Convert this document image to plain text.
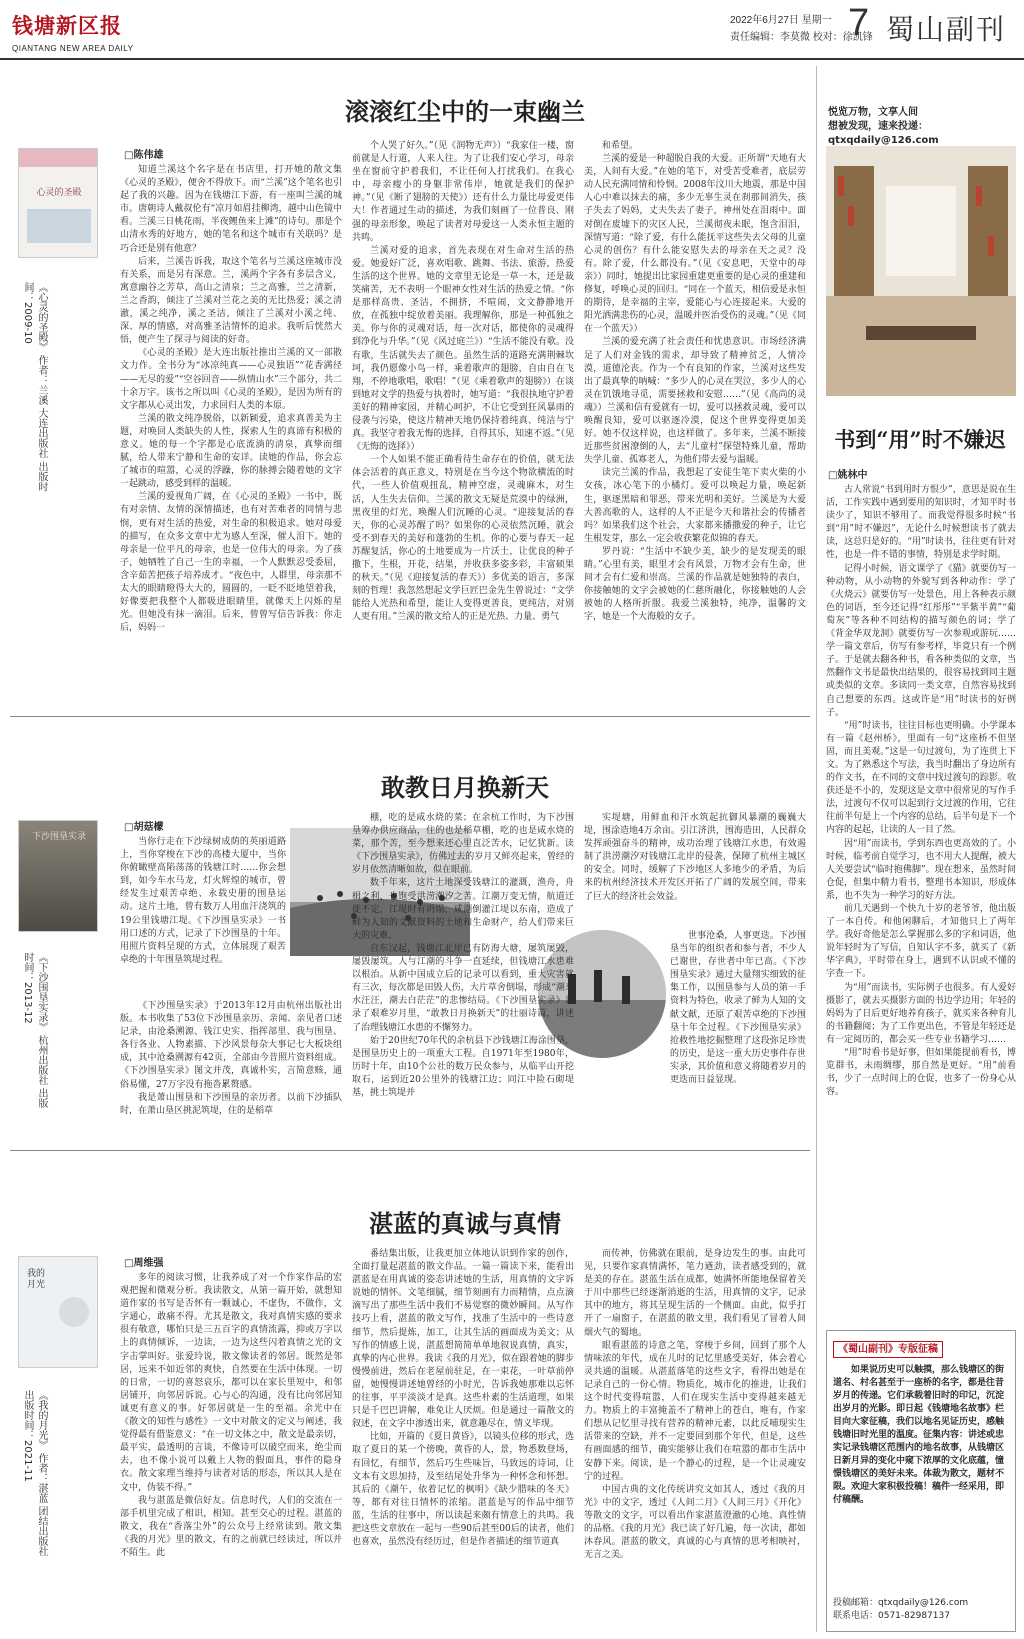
钱塘新区报
QIANTANG NEW AREA DAILY
2022年6月27日 星期一
责任编辑：李莫微 校对：徐凯锋
7 蜀山副刊
滚滚红尘中的一束幽兰
□陈伟雄
心灵的圣殿
《心灵的圣殿》 作者：兰溪 大连出版社 出版时间：2009-10

知道兰溪这个名字是在书店里，打开她的散文集《心灵的圣殿》，便舍不得放下。而“兰溪”这个笔名也引起了我的兴趣。因为在钱塘江下游，有一座叫兰溪的城市。唐朝诗人戴叔伦有“凉月如眉挂柳湾，越中山色镜中看。兰溪三日桃花雨，半夜鲤鱼来上滩”的诗句。那是个山清水秀的好地方，她的笔名和这个城市有关联吗？是巧合还是别有他意？

后来，兰溪告诉我，取这个笔名与兰溪这座城市没有关系，而是另有深意。兰，溪两个字各有多层含义，寓意幽谷之芳草，高山之清泉；兰之高雅，兰之清新，兰之香韵，倾注了兰溪对兰花之美的无比热爱；溪之清澈，溪之纯净，溪之圣洁，倾注了兰溪对小溪之纯、深、厚的情感，对高雅圣洁情怀的追求。我听后恍然大悟，便产生了探寻与阅读的好奇。

《心灵的圣殿》是大连出版社推出兰溪的又一部散文力作。全书分为“冰凉纯真——心灵独语”“花香满径——无尽的爱”“空谷回音——纵情山水”三个部分，共二十余万字。该书之所以叫《心灵的圣殿》，是因为所有的文字都从心灵出发，力求回归人类的本原。

兰溪的散文纯净脱俗，以新颖爱，追求真善美为主题，对唤回人类缺失的人性，探索人生的真谛有积极的意义。她的每一个字都是心底流淌的清泉，真挚而细腻，给人带来宁静和生命的安详。读她的作品，你会忘了城市的喧嚣，心灵的浮躁，你的脉搏会随着她的文字一起跳动，感受到样的温暖。

兰溪的爱视角广阔，在《心灵的圣殿》一书中，既有对亲情、友情的深情描述，也有对苦难者的同情与悲悯，更有对生活的热爱，对生命的积极追求。她对母爱的描写，在众多文章中尤为感人至深，催人泪下。她的母亲是一位平凡的母亲，也是一位伟大的母亲。为了孩子，她牺牲了自己一生的幸福，一个人默默忍受委屈，含辛茹苦把孩子培养成才。“夜色中，人群里，母亲那不太大的眼睛瞪得大大的，圆圆的，一眨不眨地望着我，好像要把我整个人都吸进眼睛里，就像天上闪烁的星光。但她没有抹一滴泪。后来，曾曾写信告诉我：你走后，妈妈一

个人哭了好久。”（见《润物无声》）“我家住一楼，窗前就是人行道，人来人往。为了让我们安心学习，母亲坐在窗前守护着我们，不让任何人打扰我们。在我心中，母亲瘦小的身躯非常伟岸，她就是我们的保护神。”（见《断了翅膀的天使》）还有什么力量比母爱更伟大！作者通过生动的描述，为我们刻画了一位普良、刚强的母亲形象，唤起了读者对母爱这一人类永恒主题的共鸣。

兰溪对爱的追求，首先表现在对生命对生活的热爱。她爱好广泛，喜欢唱歌、跳舞、书法、旅游，热爱生活的这个世界。她的文章里无论是一草一木，还是裁笑痛苦，无不表明一个眼神女性对生活的热爱之情。“你是那样高贵、圣洁，不拥挤，不喧闹，文文静静地开放，在孤独中绽放着美丽。我理解你，那是一种孤独之美。你与你的灵魂对话，每一次对话，都使你的灵魂得到净化与升华。”（见《风过庭兰》）“生活不能没有歌。没有歌，生活就失去了颜色。虽然生活的道路充满荆棘坎坷，我仍愿像小鸟一样，乘着歌声的翅膀，自由自在飞翔，不停地歌唱，歌唱！”（见《乘着歌声的翅膀》）在谈到她对文学的热爱与执着时，她写道：“我很执地守护着美好的精神家园，并精心呵护，不让它受到狂风暴雨的侵袭与污染，使这片精神天地仍保持着纯真、纯洁与宁真。我坚守着我无悔的选择，自得其乐，知速不返。”（见《无悔的选择》）

一个人如果不能正确看待生命存在的价值，就无法体会活着的真正意义，特别是在当今这个物欲横流的时代，一些人价值观扭乱，精神空虚，灵魂麻木，对生活，人生失去信仰。兰溪的散文无疑是荒漠中的绿洲，黑夜里的灯光，唤醒人们沉睡的心灵。“迎接复活的春天，你的心灵苏醒了吗？如果你的心灵依然沉睡，就会受不到春天的美好和蓬勃的生机。你的心要与春天一起苏醒复活，你心的土地要成为一片沃土，让优良的种子撒下，生根，开花，结果，并收获多姿多彩，丰富硕果的秋天。”（见《迎接复活的春天》）多优美的语言，多深刻的哲理！我忽然想起文学巨匠巴金先生曾说过：“文学能给人光热和希望，能让人变得更善良，更纯洁，对别人更有用。”兰溪的散文给人的正是光热、力量、勇气

和希望。

兰溪的爱是一种超脱自我的大爱。正所谓“天地有大美，人间有大爱。”在她的笔下，对受苦受难者，底层劳动人民充满同情和怜悯。2008年汶川大地震，那是中国人心中难以抹去的痛，多少无辜生灵在刹那间消失，孩子失去了妈妈，丈夫失去了妻子，神州处在泪雨中。面对倒在废墟下的灾区人民，兰溪彻夜未眠，饱含泪泪，深情写道：“除了爱，有什么能抚平这些失去父母的儿童心灵的创伤？有什么能安慰失去的母亲在天之灵？没有。除了爱，什么都没有。”（见《安息吧，天堂中的母亲》）同时，她提出比家园重建更重要的是心灵的重建和修复，呼唤心灵的回归。“同在一个蓝天，相信爱是永恒的期待，是幸福的主宰，爱能心与心连接起来。大爱的阳光洒满悲伤的心灵，温暖并医治受伤的灵魂。”（见《同在一个蓝天》）

兰溪的爱充满了社会责任和忧患意识。市场经济满足了人们对金钱的需求，却导致了精神贫乏，人情冷漠，道德沦丧。作为一个有良知的作家，兰溪对这些发出了最真挚的呐喊：“多少人的心灵在哭泣，多少人的心灵在饥饿地寻觅，需要拯救和安慰……”（见《高尚的灵魂》）兰溪和信有爱就有一切，爱可以拯救灵魂，爱可以唤醒良知，爱可以驱逐冷漠，促这个世界变得更加美好。她不仅这样说，也这样做了。多年来，兰溪不断接近那些贫困潦倒的人，去“儿童村”探望特殊儿童，帮助失学儿童、孤寡老人，为他们带去爱与温暖。

读完兰溪的作品，我想起了安徒生笔下卖火柴的小女孩，冰心笔下的小橘灯。爱可以唤起力量，唤起新生，驱逐黑暗和罪恶，带来光明和美好。兰溪是为大爱大善高歌的人，这样的人不正是今天和谐社会的传播者吗？如果我们这个社会，大家都来播撒爱的种子，让它生根发芽，那么一定会收获繁花似锦的春天。

罗丹说：“生活中不缺少美，缺少的是发现美的眼睛。”心里有美，眼里才会有风景，万物才会有生命，世间才会有仁爱和崇高。兰溪的作品就是她独特的表白，你接触她的文字会被她的仁慈所融化，你接触她的人会被她的人格所折服。我爱兰溪独特，纯净，温馨的文字，她是一个大海般的女子。

敢教日月换新天
□胡菇檬
下沙围垦实录
《下沙围垦实录》 杭州出版社 出版时间：2013-12

当你行走在下沙绿树成荫的英丽道路上，当你穿梭在下沙的高楼大厦中，当你你俯瞰壁高陷荡荡的钱塘江时……你会想到，如今车水马龙，灯火辉煌的城市，曾经发生过艰苦卓绝、永载史册的围垦运动。这片土地，曾有数万人用血汗浇筑的19公里钱塘江堤。《下沙围垦实录》一书用口述的方式，记录了下沙围垦的十年。用照片资料呈现的方式，立体展现了艰苦卓绝的十年围垦筑堤过程。

《下沙围垦实录》于2013年12月由杭州出版社出版。本书收集了53位下沙围垦亲历、亲闻、亲见者口述记录，由沧桑溯源、钱江史实、指挥部里、我与围垦、各行各业、人物素描、下沙风景每杂大事记七大板块组成，其中沧桑溯源有42页，全部由今昔照片资料组成。《下沙围垦实录》图文并茂，真诚朴实，言简意赅，通俗易懂，27万字没有拖沓累赘感。

我是萧山围垦和下沙围垦的亲历者。以前下沙插队时，在萧山垦区挑泥筑堤，住的是稻草

棚，吃的是咸水烧的菜；在余杭工作时，为下沙围垦筹办供应商品，住的也是稻草棚，吃的也是咸水烧的菜，那个苦，至今想来还心里直泛苦水，记忆犹新。读《下沙围垦实录》，仿佛过去的岁月又鲜亮起来，曾经的岁月依然清晰如故，似在眼前。

数千年来，这片土地深受钱塘江的灌溉，渔舟，舟楫之利，也饱受洪涝潮汐之苦。江潮万变无情，航道迁徙不定，江堤时有坍塌，咸潮倒灌江堤以东南，造成了鲜为人知的文献资料的土地和生命财产，给人们带来巨大的灾难。

自东汉起，钱塘江北岸已有防海大塘，屡筑屡毁，屡毁屡筑。人与江潮的斗争一直延续，但钱塘江水患难以根治。从新中国成立后的记录可以看到，重大灾害就有三次，每次都是田毁人伤，大片草舍倒塌，形成“潮来水汪汪，潮去白茫茫”的悲惨结局。《下沙围垦实录》记录了艰难岁月里，“敢教日月换新天”的壮丽诗篇，讲述了治理钱塘江水患的不懈努力。

始于20世纪70年代的余杭县下沙钱塘江海涂围垦，是围垦历史上的一项重大工程。自1971年至1980年，历时十年，由10个公社的数万民众参与，从临平山开挖取石，运到近20公里外的钱塘江边；同江中险石砌堤基，挑土筑堤并

实堤塘，用鲜血和汗水筑起抗御风暴潮的巍巍大堤，围涂造地4万余亩。引江济洪，围海造田，人民群众发挥顽强奋斗的精神，成功治理了钱塘江水患，有效遏制了洪涝潮汐对钱塘江北岸的侵袭，保障了杭州主城区的安全。同时，缓解了下沙地区人多地少的矛盾，为后来的杭州经济技术开发区开拓了广阔的发展空间，带来了巨大的经济社会效益。

世事沧桑，人事更迭。下沙围垦当年的组织者和参与者，不少人已谢世，存世者中年已高。《下沙围垦实录》通过大量翔实细致的征集工作，以围垦参与人员的第一手资料为特色，收录了鲜为人知的文献文献，还原了艰苦卓绝的下沙围垦十年全过程。《下沙围垦实录》抢救性地挖掘整理了这段弥足珍贵的历史，是这一重大历史事件存世实录，其价值和意义将随着岁月的更迭而日益显现。

湛蓝的真诚与真情
□周维强
我的月光
《我的月光》 作者：湛蓝 团结出版社 出版时间：2021-11

多年的阅读习惯，让我养成了对一个作家作品的宏观把握和微观分析。我读散文，从第一篇开始，就想知道作家的书写是否怀有一颗诚心，不虚伪，不做作，文字通心，敢痛不得。尤其是散文，我对真情实感的要求很有敬意，哪怕只是三五百字的真情流露，抑或万字以上的真情倾诉，一边读，一边为这些闪着真情之光的文字击掌叫好。张爱玲说，散文像读者的邻居。既然是邻居，远来不如近邻的爽快，自然要在生活中体现。一切的日常，一切的喜怒哀乐，都可以在家长里短中，和邻居铺开，向邻居诉说。心与心的沟通，没有比向邻居知诚更有意义的事。好邻居就是一生的至福。余光中在《散文的知性与感性》一文中对散文的定义与阐述，我觉得最有借鉴意义：“在一切文体之中，散文是最亲切，最平实，最透明的言谈，不像诗可以破空而来，绝尘而去，也不像小说可以戴上人物的假面具，事件的隐身衣。散文家理当维持与读者对话的形态，所以其人是在文中，伪装不得。”

我与湛蓝是微信好友。信息时代，人们的交流在一部手机里完成了相识，相知。甚至交心的过程。湛蓝的散文，我在“香落尘外”的公众号上经常读到。散文集《我的月光》里的散文，有的之前就已经读过，所以并不陌生。此

番结集出版，让我更加立体地认识到作家的创作，全面打量起湛蓝的散文作品。一篇一篇读下来，能看出湛蓝是在用真诚的姿态讲述她的生活，用真情的文字诉说她的情怀。文笔细腻，细节刻画有力而精情，点点滴滴写出了那些生活中我们不易觉察的微妙瞬间。从写作技巧上看，湛蓝的散文写作，找准了生活中的一些诗意细节，然后提炼，加工，让其生活的画面成为美文；从写作的情感上说，湛蓝想简简单单地叙说真情，真实，真挚的内心世界。我读《我的月光》，似在跟着她的脚步慢慢前进，然后在老屋前驻足，在一束花，一叶草前停留，她慢慢讲述她曾经的小时光，告诉我她那难以忘怀的往事，平平淡淡才是真。这些朴素的生活道理，如果只是千巴巴讲解，难免让人厌烦。但是通过一篇散文的叙述，在文字中渗透出来，就意趣尽在，情义毕现。

比如，开篇的《夏日黄昏》，以镜头位移的形式，选取了夏日的某一个傍晚，黄昏的人，景，物悉数登场，有回忆，有细节，然后巧生些味旨，马致远的诗词，让文本有文思加持，及至结尾处升华为一种怀念和怀想。其后的《潮午，依着记忆的枫明》《缺少腊味的冬天》等，都有对往日情怀的浓缩。湛蓝是写的作品中细节蓝，生活的往事中，所以读起来颇有情意上的共鸣。我把这些文章放在一起与一些90后甚至00后的读者，他们也喜欢，虽然没有经历过，但是作者描述的细节道真

而传神，仿佛就在眼前，是身边发生的事。由此可见，只要作家真情满怀，笔力遒劲，读者感受到的，就是美的存在。湛蓝生活在成都，她满怀所能地保留着关于川中那些已经逐渐消逝的生活，用真情的文字，记录其中的地方，将其呈现生活的一个侧面。由此，似乎打开了一扇窗子，在湛蓝的散文里，我们看见了冒着人间烟火气的蜀地。

眼看湛蓝的诗意之笔，穿梭于乡间，回到了那个人情味浓的年代，成在儿时的记忆里感受美好，体会着心灵共通的温暖。从湛蓝落笔的这些文字，看得出她是在记录自己的一份心情。物质化，城市化的推进，让我们这个时代变得喧嚣，人们在现实生活中变得越来越无力。物质上的丰富掩盖不了精神上的苍白，唯有，作家们想从记忆里寻找有营养的精神元素，以此反哺现实生活带来的空缺，并不一定要回到那个年代，但是，这些有画面感的细节，确实能够让我们在喧嚣的都市生活中安静下来。阅读，是一个静心的过程，是一个让灵魂安宁的过程。

中国古典的文化传统讲究文如其人，透过《我的月光》中的文字，透过《人间二月》《人间三月》《开化》等散文的文字，可以看出作家湛蓝澄澈的心地、真性情的品格。《我的月光》我已读了好几遍，每一次读，都如沐春风。湛蓝的散文，真诚的心与真情的思考相映衬，无言之美。

悦览万物，文享人间
想被发现，速来投递：qtxqdaily@126.com
书到“用”时不嫌迟
□姚林中

古人常说“书到用时方恨少”，意思是说在生活，工作实践中遇到要用的知识时，才知平时书读少了，知识不够用了。而我觉得很多时候“书到“用”时不嫌迟”，无论什么时候想读书了就去读，这总归是好的。“用”时读书，往往更有针对性，也是一件不错的事情，特别是求学时期。

记得小时候，语文课学了《猫》就要仿写一种动物，从小动物的外貌写到各种动作：学了《火烧云》就要仿写一处景色，用上各种表示颜色的词语，至今还记得“红彤彤”“半紫半黄”“葡萄灰”等各种不同结构的描写颜色的词；学了《背金华双龙洞》就要仿写一次参观或游玩……学一篇文章后，仿写有参考样，毕竟只有一个例子。于是就去翻各种书，看各种类似的文章，当然翻作文书是最快出结果的，很容易找到同主题或类似的文章。多读同一类文章，自然容易找到自己想要的东西。这或许是“用”时读书的好例子。

“用”时读书，往往目标也更明确。小学课本有一篇《赵州桥》，里面有一句“这座桥不但坚固，而且美观。”这是一句过渡句，为了连贯上下文。为了熟悉这个写法，我当时翻出了身边所有的作文书，在不同的文章中找过渡句的踪影。收获还是不小的，发现这是文章中很常见的写作手法，过渡句不仅可以起到行文过渡的作用，它往往前半句是上一个内容的总结，后半句是下一个内容的起起，让读的人一目了然。

因“用”而读书，学到东西也更高效的了。小时候，临考前自觉学习，也不用大人提醒，被大人关要尝试“临时抱佛脚”。现在想来，虽然时间仓促，但集中精力看书，整理书本知识，形成体系，也不失为一种学习的好方法。

前几天遇到一个快九十岁的老爷爷，他出版了一本自传。和他闲聊后，才知他只上了两年学。我好奇他是怎么掌握那么多的字和词语，他说年轻时为了写信，自知认字不多，就买了《新华字典》，平时带在身上，遇到不认识或不懂的字查一下。

为“用”而读书，实际例子也很多。有人爱好摄影了，就去买摄影方面的书边学边用；年轻的妈妈为了日后更好地养育孩子，就买来各种育儿的书籍翻阅；为了工作更出色，不管是年轻还是有一定阅历的，都会买一些专业书籍学习……

“用”时看书是好事，但如果能提前看书，博览群书，未雨绸缪，那自然是更好。“用”前看书，少了一点时间上的仓促，也多了一份身心从容。

《蜀山副刊》专版征稿
如果说历史可以触摸，那么钱塘区的街道名、村名甚至于一座桥的名字，都是往昔岁月的传递。它们承载着旧时的印记，沉淀出岁月的光影。即日起《钱塘地名故事》栏目向大家征稿，我们以地名见证历史，感触钱塘旧时光里的温度。征集内容：讲述或忠实记录钱塘区范围内的地名故事，从钱塘区日新月异的变化中窥下浓厚的文化底蕴，憧憬钱塘区的美好未来。体裁为散文，题材不限。欢迎大家积极投稿！稿件一经采用，即付稿酬。
投稿邮箱：qtxqdaily@126.com
联系电话：0571-82987137
